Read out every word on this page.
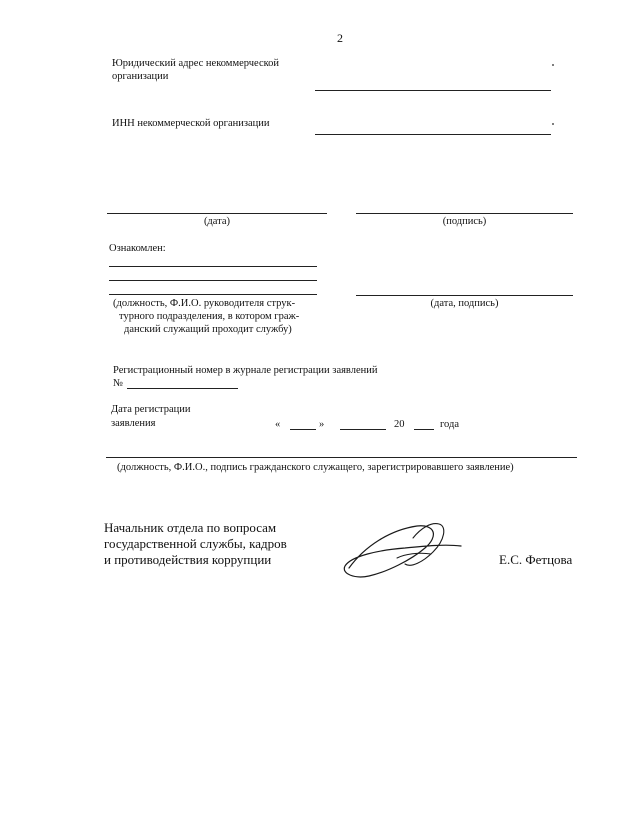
2
Юридический адрес некоммерческой
организации
ИНН некоммерческой организации
(дата)	(подпись)
Ознакомлен:
(должность, Ф.И.О. руководителя струк-
турного подразделения, в котором граж-
данский служащий проходит службу)
(дата, подпись)
Регистрационный номер в журнале регистрации заявлений
№
Дата регистрации
заявления	«	»	20	года
(должность, Ф.И.О., подпись гражданского служащего, зарегистрировавшего заявление)
Начальник отдела по вопросам
государственной службы, кадров
и противодействия коррупции	Е.С. Фетцова
